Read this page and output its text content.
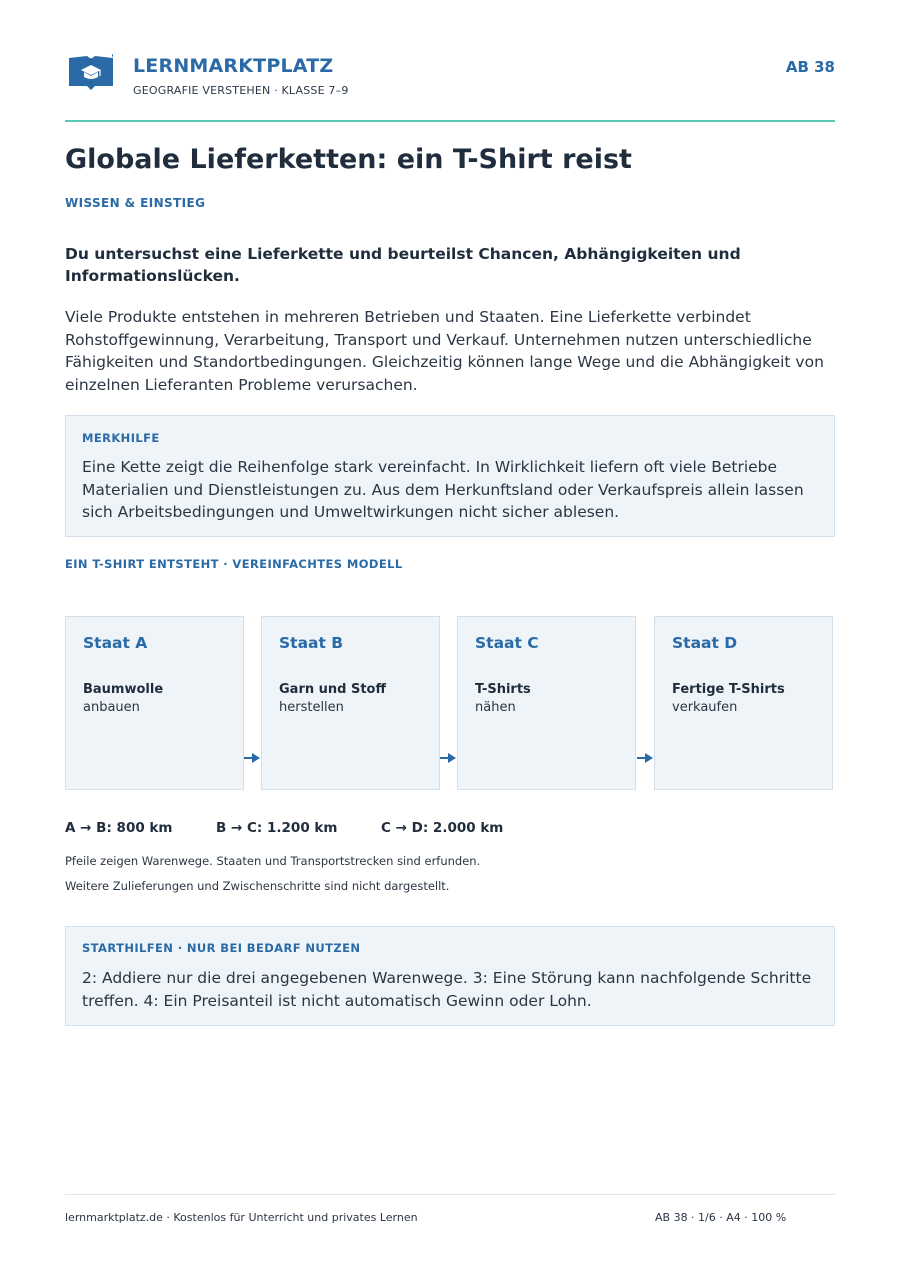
LERNMARKTPLATZ
GEOGRAFIE VERSTEHEN · KLASSE 7–9
AB 38
Globale Lieferketten: ein T-Shirt reist
WISSEN & EINSTIEG

Du untersuchst eine Lieferkette und beurteilst Chancen, Abhängigkeiten und Informationslücken.

Viele Produkte entstehen in mehreren Betrieben und Staaten. Eine Lieferkette verbindet Rohstoffgewinnung, Verarbeitung, Transport und Verkauf. Unternehmen nutzen unterschiedliche Fähigkeiten und Standortbedingungen. Gleichzeitig können lange Wege und die Abhängigkeit von einzelnen Lieferanten Probleme verursachen.

MERKHILFE

Eine Kette zeigt die Reihenfolge stark vereinfacht. In Wirklichkeit liefern oft viele Betriebe Materialien und Dienstleistungen zu. Aus dem Herkunftsland oder Verkaufspreis allein lassen sich Arbeitsbedingungen und Umweltwirkungen nicht sicher ablesen.

EIN T-SHIRT ENTSTEHT · VEREINFACHTES MODELL
Staat A
Baumwolle
anbauen
Staat B
Garn und Stoff
herstellen
Staat C
T-Shirts
nähen
Staat D
Fertige T-Shirts
verkaufen
A → B: 800 km	B → C: 1.200 km	C → D: 2.000 km
Pfeile zeigen Warenwege. Staaten und Transportstrecken sind erfunden.
Weitere Zulieferungen und Zwischenschritte sind nicht dargestellt.
STARTHILFEN · NUR BEI BEDARF NUTZEN

2: Addiere nur die drei angegebenen Warenwege. 3: Eine Störung kann nachfolgende Schritte treffen. 4: Ein Preisanteil ist nicht automatisch Gewinn oder Lohn.

lernmarktplatz.de · Kostenlos für Unterricht und privates Lernen	AB 38 · 1/6 · A4 · 100 %
